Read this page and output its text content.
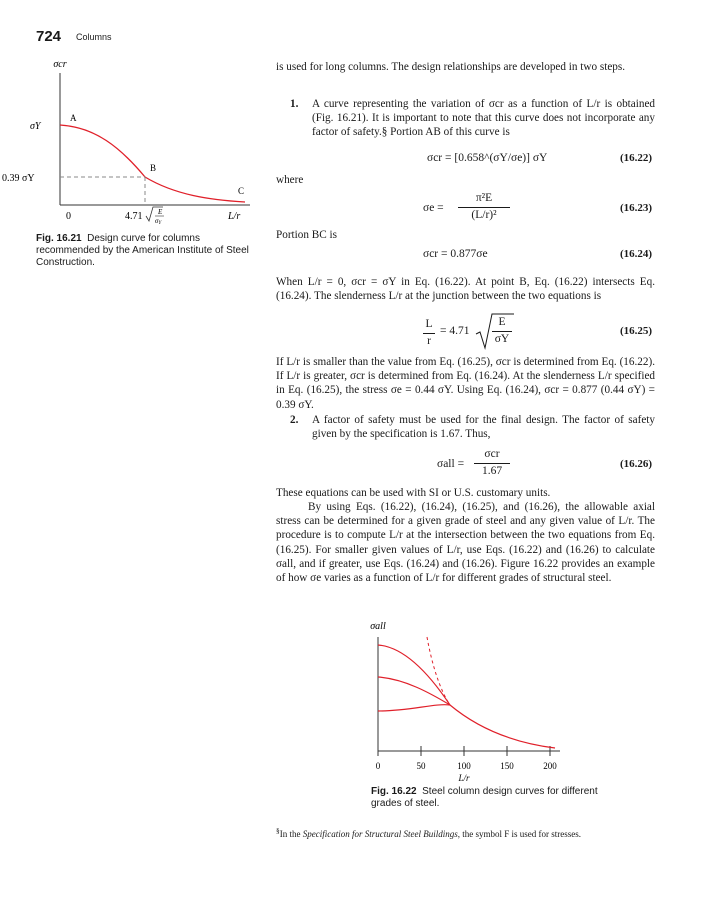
724 Columns
σcr
σY
A
B
C
0.39 σY
0	4.71 E
σY
L/r
Fig. 16.21 Design curve for columns recommended by the American Institute of Steel Construction.

is used for long columns. The design relationships are developed in two steps.

1. A curve representing the variation of σcr as a function of L/r is obtained (Fig. 16.21). It is important to note that this curve does not incorporate any factor of safety.§ Portion AB of this curve is

σcr = [0.658^(σY/σe)] σY	(16.22)
where
σe =
π²E
(L/r)²
(16.23)
Portion BC is
σcr = 0.877σe	(16.24)

When L/r = 0, σcr = σY in Eq. (16.22). At point B, Eq. (16.22) intersects Eq. (16.24). The slenderness L/r at the junction between the two equations is

L
r
= 4.71
E
σY
(16.25)

If L/r is smaller than the value from Eq. (16.25), σcr is determined from Eq. (16.22). If L/r is greater, σcr is determined from Eq. (16.24). At the slenderness L/r specified in Eq. (16.25), the stress σe = 0.44 σY. Using Eq. (16.24), σcr = 0.877 (0.44 σY) = 0.39 σY.

2. A factor of safety must be used for the final design. The factor of safety given by the specification is 1.67. Thus,

σall =
σcr
1.67
(16.26)

These equations can be used with SI or U.S. customary units.

By using Eqs. (16.22), (16.24), (16.25), and (16.26), the allowable axial stress can be determined for a given grade of steel and any given value of L/r. The procedure is to compute L/r at the intersection between the two equations from Eq. (16.25). For smaller given values of L/r, use Eqs. (16.22) and (16.26) to calculate σall, and if greater, use Eqs. (16.24) and (16.26). Figure 16.22 provides an example of how σe varies as a function of L/r for different grades of structural steel.

σall
0	50	100	150	200
L/r
Fig. 16.22 Steel column design curves for different grades of steel.
§In the Specification for Structural Steel Buildings, the symbol F is used for stresses.
